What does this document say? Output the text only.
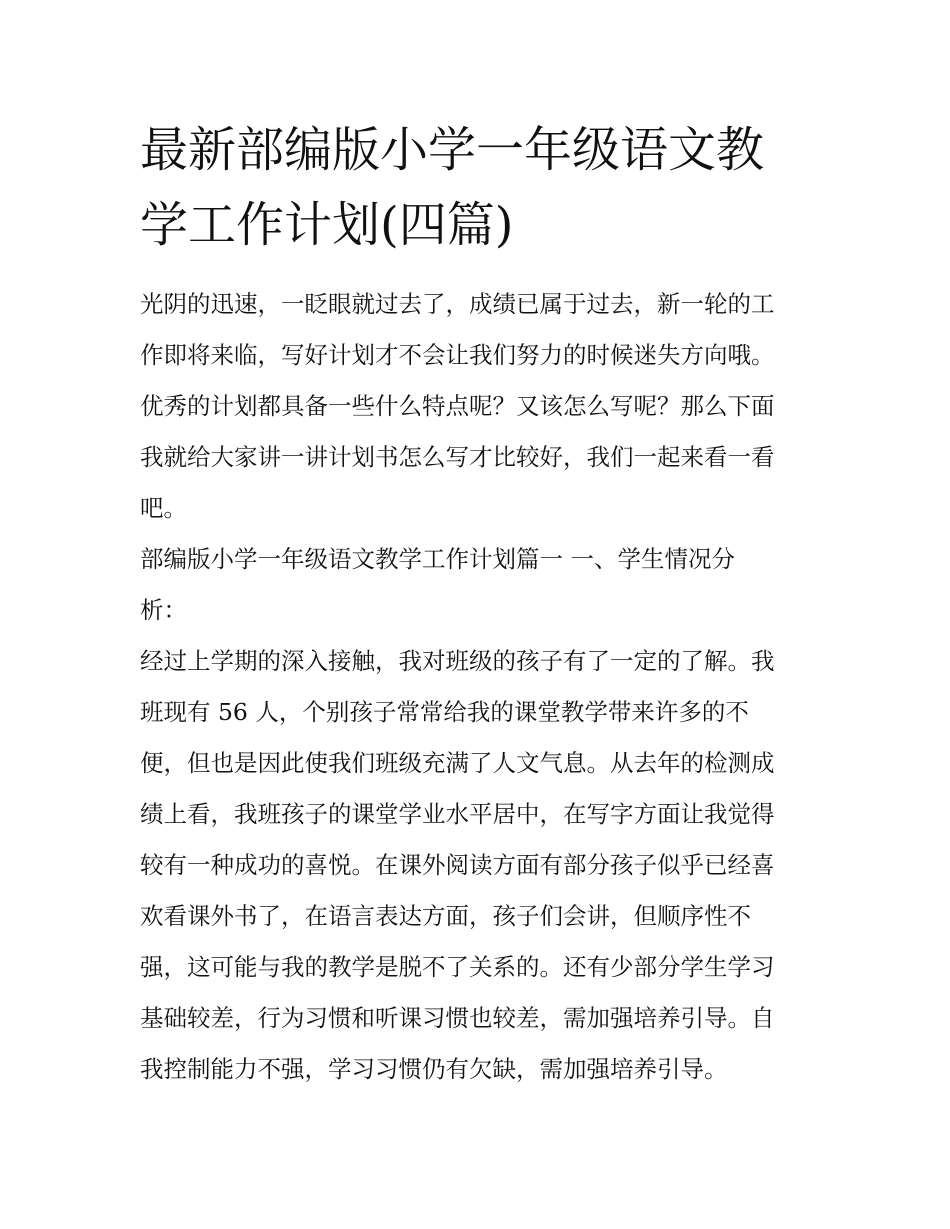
最新部编版小学一年级语文教
学工作计划(四篇)
光阴的迅速，一眨眼就过去了，成绩已属于过去，新一轮的工
作即将来临，写好计划才不会让我们努力的时候迷失方向哦。
优秀的计划都具备一些什么特点呢？又该怎么写呢？那么下面
我就给大家讲一讲计划书怎么写才比较好，我们一起来看一看
吧。
部编版小学一年级语文教学工作计划篇一 一、学生情况分
析：
经过上学期的深入接触，我对班级的孩子有了一定的了解。我
班现有 56 人，个别孩子常常给我的课堂教学带来许多的不
便，但也是因此使我们班级充满了人文气息。从去年的检测成
绩上看，我班孩子的课堂学业水平居中，在写字方面让我觉得
较有一种成功的喜悦。在课外阅读方面有部分孩子似乎已经喜
欢看课外书了，在语言表达方面，孩子们会讲，但顺序性不
强，这可能与我的教学是脱不了关系的。还有少部分学生学习
基础较差，行为习惯和听课习惯也较差，需加强培养引导。自
我控制能力不强，学习习惯仍有欠缺，需加强培养引导。
